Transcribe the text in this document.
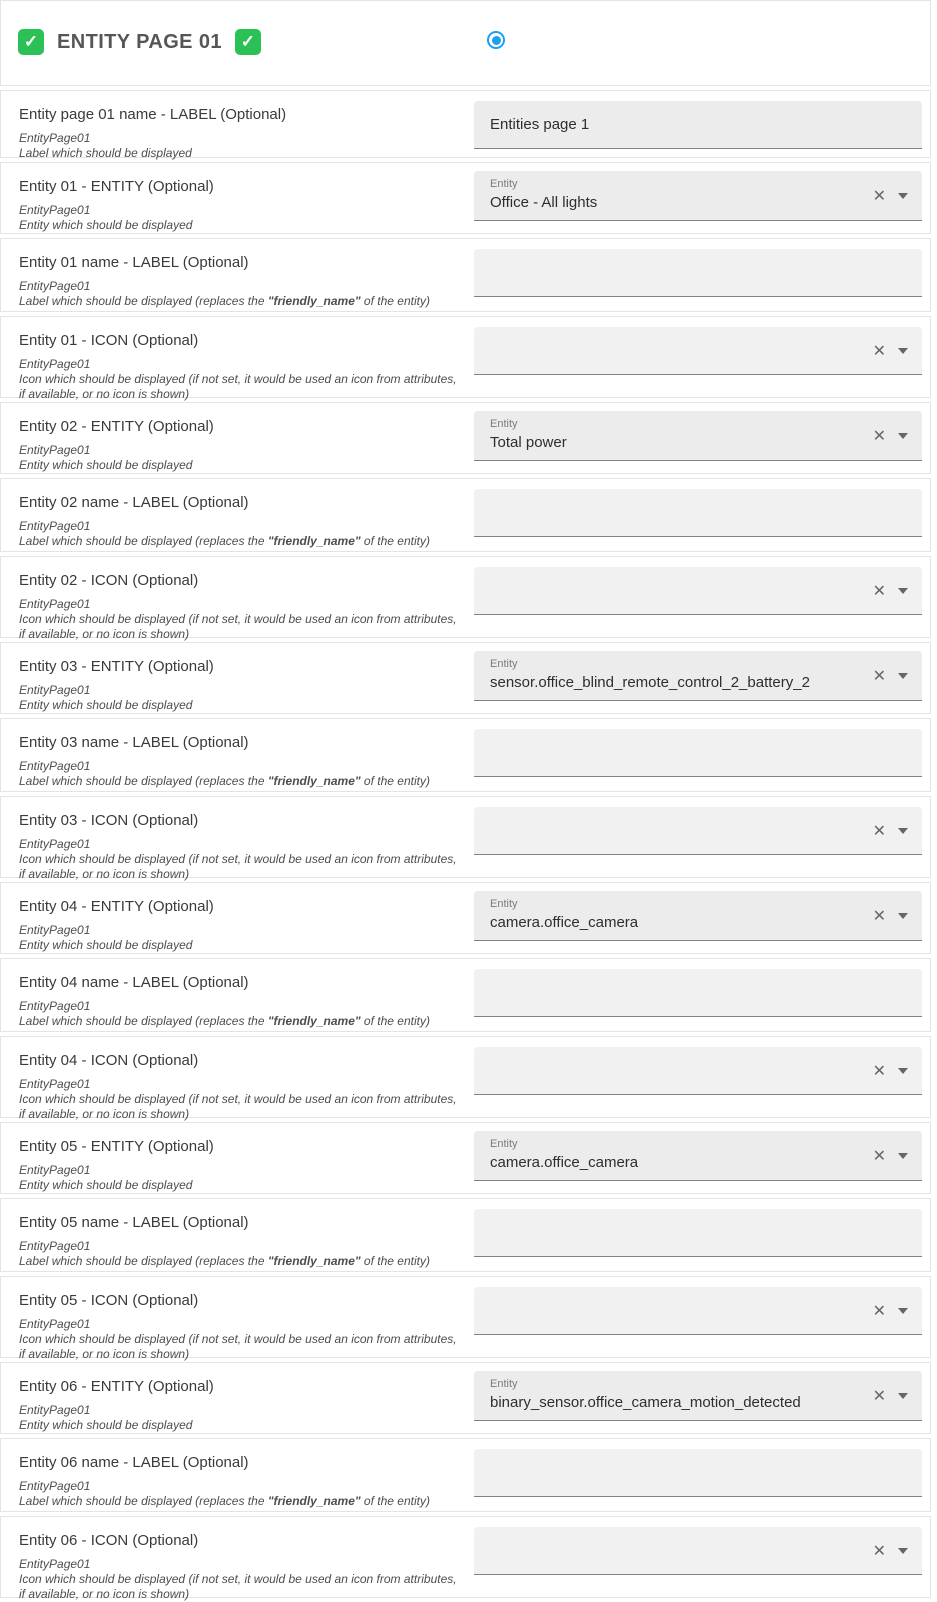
✓ ENTITY PAGE 01	✓
Entity page 01 name - LABEL (Optional)
EntityPage01
Label which should be displayed
Entities page 1
Entity 01 - ENTITY (Optional)
EntityPage01
Entity which should be displayed
Entity
Office - All lights	✕
Entity 01 name - LABEL (Optional)
EntityPage01
Label which should be displayed (replaces the "friendly_name" of the entity)
Entity 01 - ICON (Optional)
EntityPage01
Icon which should be displayed (if not set, it would be used an icon from attributes, if available, or no icon is shown)
✕
Entity 02 - ENTITY (Optional)
EntityPage01
Entity which should be displayed
Entity
Total power	✕
Entity 02 name - LABEL (Optional)
EntityPage01
Label which should be displayed (replaces the "friendly_name" of the entity)
Entity 02 - ICON (Optional)
EntityPage01
Icon which should be displayed (if not set, it would be used an icon from attributes, if available, or no icon is shown)
✕
Entity 03 - ENTITY (Optional)
EntityPage01
Entity which should be displayed
Entity
sensor.office_blind_remote_control_2_battery_2	✕
Entity 03 name - LABEL (Optional)
EntityPage01
Label which should be displayed (replaces the "friendly_name" of the entity)
Entity 03 - ICON (Optional)
EntityPage01
Icon which should be displayed (if not set, it would be used an icon from attributes, if available, or no icon is shown)
✕
Entity 04 - ENTITY (Optional)
EntityPage01
Entity which should be displayed
Entity
camera.office_camera	✕
Entity 04 name - LABEL (Optional)
EntityPage01
Label which should be displayed (replaces the "friendly_name" of the entity)
Entity 04 - ICON (Optional)
EntityPage01
Icon which should be displayed (if not set, it would be used an icon from attributes, if available, or no icon is shown)
✕
Entity 05 - ENTITY (Optional)
EntityPage01
Entity which should be displayed
Entity
camera.office_camera	✕
Entity 05 name - LABEL (Optional)
EntityPage01
Label which should be displayed (replaces the "friendly_name" of the entity)
Entity 05 - ICON (Optional)
EntityPage01
Icon which should be displayed (if not set, it would be used an icon from attributes, if available, or no icon is shown)
✕
Entity 06 - ENTITY (Optional)
EntityPage01
Entity which should be displayed
Entity
binary_sensor.office_camera_motion_detected	✕
Entity 06 name - LABEL (Optional)
EntityPage01
Label which should be displayed (replaces the "friendly_name" of the entity)
Entity 06 - ICON (Optional)
EntityPage01
Icon which should be displayed (if not set, it would be used an icon from attributes, if available, or no icon is shown)
✕
